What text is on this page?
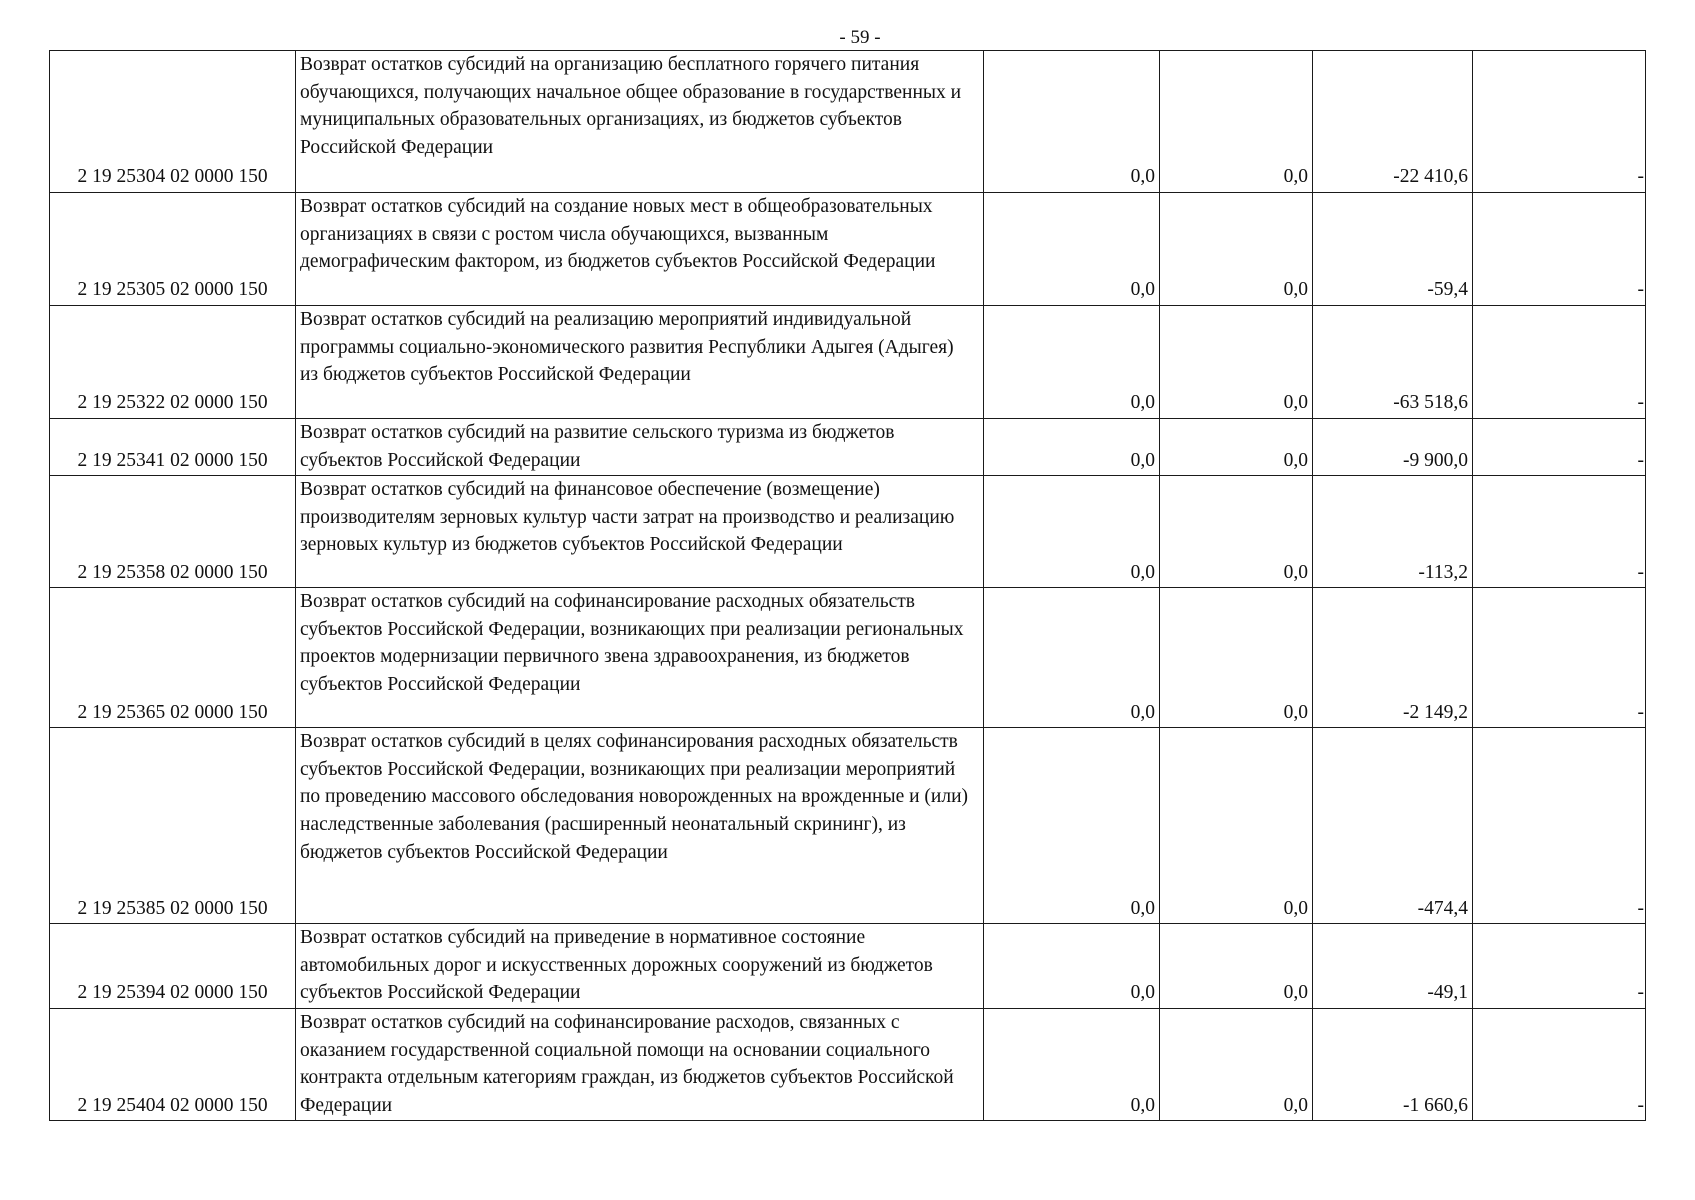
- 59 -
2 19 25304 02 0000 150	Возврат остатков субсидий на организацию бесплатного горячего питания обучающихся, получающих начальное общее образование в государственных и муниципальных образовательных организациях, из бюджетов субъектов Российской Федерации	0,0	0,0	-22 410,6	-
2 19 25305 02 0000 150	Возврат остатков субсидий на создание новых мест в общеобразовательных организациях в связи с ростом числа обучающихся, вызванным демографическим фактором, из бюджетов субъектов Российской Федерации	0,0	0,0	-59,4	-
2 19 25322 02 0000 150	Возврат остатков субсидий на реализацию мероприятий индивидуальной программы социально-экономического развития Республики Адыгея (Адыгея) из бюджетов субъектов Российской Федерации	0,0	0,0	-63 518,6	-
2 19 25341 02 0000 150	Возврат остатков субсидий на развитие сельского туризма из бюджетов субъектов Российской Федерации	0,0	0,0	-9 900,0	-
2 19 25358 02 0000 150	Возврат остатков субсидий на финансовое обеспечение (возмещение) производителям зерновых культур части затрат на производство и реализацию зерновых культур из бюджетов субъектов Российской Федерации	0,0	0,0	-113,2	-
2 19 25365 02 0000 150	Возврат остатков субсидий на софинансирование расходных обязательств субъектов Российской Федерации, возникающих при реализации региональных проектов модернизации первичного звена здравоохранения, из бюджетов субъектов Российской Федерации	0,0	0,0	-2 149,2	-
2 19 25385 02 0000 150	Возврат остатков субсидий в целях софинансирования расходных обязательств субъектов Российской Федерации, возникающих при реализации мероприятий по проведению массового обследования новорожденных на врожденные и (или) наследственные заболевания (расширенный неонатальный скрининг), из бюджетов субъектов Российской Федерации	0,0	0,0	-474,4	-
2 19 25394 02 0000 150	Возврат остатков субсидий на приведение в нормативное состояние автомобильных дорог и искусственных дорожных сооружений из бюджетов субъектов Российской Федерации	0,0	0,0	-49,1	-
2 19 25404 02 0000 150	Возврат остатков субсидий на софинансирование расходов, связанных с оказанием государственной социальной помощи на основании социального контракта отдельным категориям граждан, из бюджетов субъектов Российской Федерации	0,0	0,0	-1 660,6	-
